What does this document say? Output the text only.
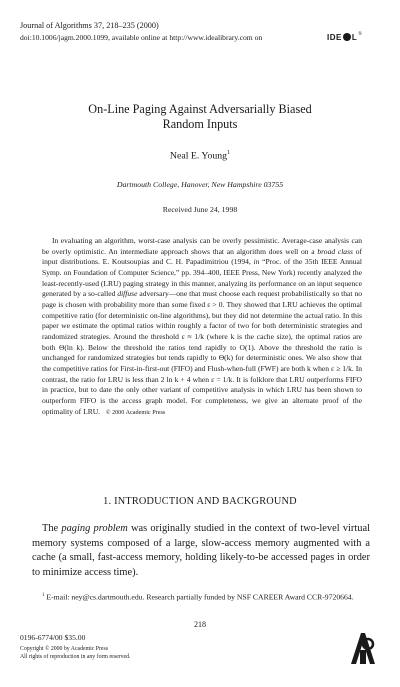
Journal of Algorithms 37, 218–235 (2000)
doi:10.1006/jagm.2000.1099, available online at http://www.idealibrary.com on	IDE L ®
On-Line Paging Against Adversarially Biased
Random Inputs
Neal E. Young$^1$
Dartmouth College, Hanover, New Hampshire 03755
Received June 24, 1998
In evaluating an algorithm, worst-case analysis can be overly pessimistic. Average-case analysis can be overly optimistic. An intermediate approach shows that an algorithm does well on a broad class of input distributions. E. Koutsoupias and C. H. Papadimitriou (1994, in “Proc. of the 35th IEEE Annual Symp. on Foundation of Computer Science,” pp. 394–400, IEEE Press, New York) recently analyzed the least-recently-used (LRU) paging strategy in this manner, analyzing its performance on an input sequence generated by a so-called diffuse adversary—one that must choose each request probabilistically so that no page is chosen with probability more than some fixed ε > 0. They showed that LRU achieves the optimal competitive ratio (for deterministic on-line algorithms), but they did not determine the actual ratio. In this paper we estimate the optimal ratios within roughly a factor of two for both deterministic strategies and randomized strategies. Around the threshold ε ≈ 1/k (where k is the cache size), the optimal ratios are both Θ(ln k). Below the threshold the ratios tend rapidly to O(1). Above the threshold the ratio is unchanged for randomized strategies but tends rapidly to Θ(k) for deterministic ones. We also show that the competitive ratios for First-in-first-out (FIFO) and Flush-when-full (FWF) are both k when ε ≥ 1/k. In contrast, the ratio for LRU is less than 2 ln k + 4 when ε = 1/k. It is folklore that LRU outperforms FIFO in practice, but to date the only other variant of competitive analysis in which LRU has been shown to outperform FIFO is the access graph model. For completeness, we give an alternate proof of the optimality of LRU. © 2000 Academic Press
1. INTRODUCTION AND BACKGROUND
The paging problem was originally studied in the context of two-level virtual memory systems composed of a large, slow-access memory augmented with a cache (a small, fast-access memory, holding likely-to-be accessed pages in order to minimize access time).
$^1$ E-mail: ney@cs.dartmouth.edu. Research partially funded by NSF CAREER Award CCR-9720664.
218
0196-6774/00 $35.00
Copyright © 2000 by Academic Press
All rights of reproduction in any form reserved.
